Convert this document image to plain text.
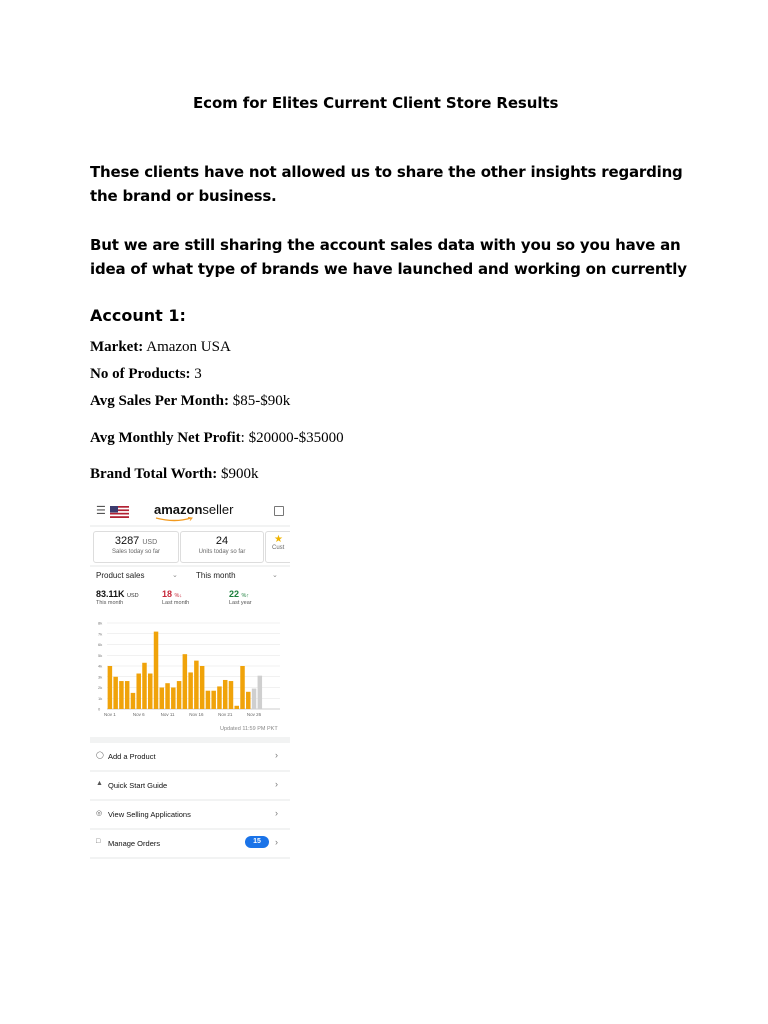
Ecom for Elites Current Client Store Results
These clients have not allowed us to share the other insights regarding the brand or business.
But we are still sharing the account sales data with you so you have an idea of what type of brands we have launched and working on currently
Account 1:
Market: Amazon USA
No of Products: 3
Avg Sales Per Month: $85-$90k
Avg Monthly Net Profit: $20000-$35000
Brand Total Worth: $900k
☰	amazonseller
3287 USD
Sales today so far
24
Units today so far
★
Cust
Product sales	⌄ This month	⌄
83.11K USD	18 %↓	22 %↑
This month	Last month	Last year
0
1k
2k
3k
4k
5k
6k
7k
8k
Nov 1	Nov 6	Nov 11	Nov 16	Nov 21	Nov 26
Updated 11:59 PM PKT
◯ Add a Product	›
▲ Quick Start Guide	›
◎ View Selling Applications	›
□ Manage Orders	15	›
